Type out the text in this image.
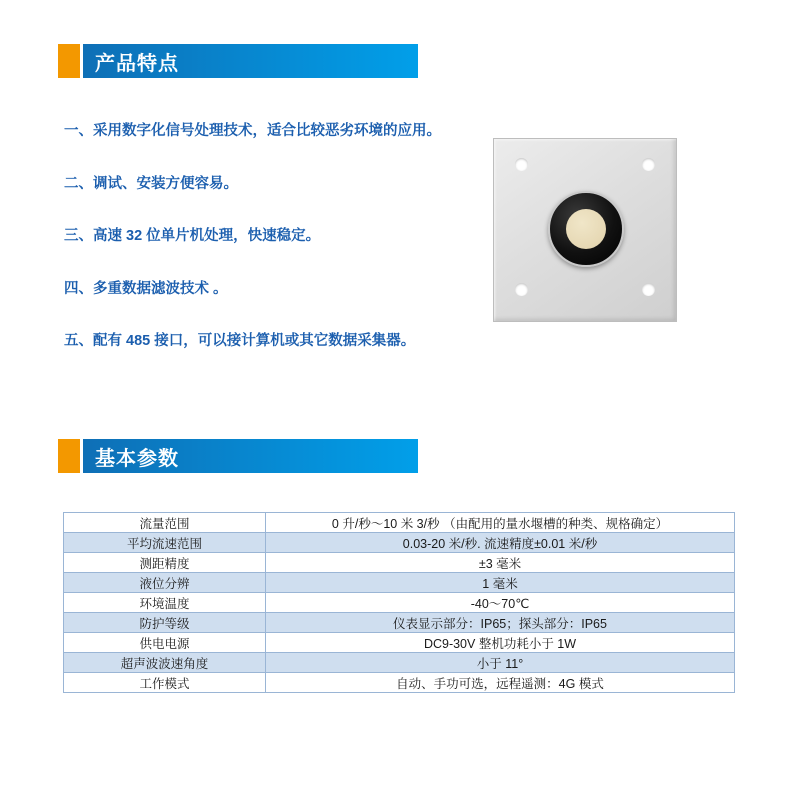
产品特点
一、采用数字化信号处理技术，适合比较恶劣环境的应用。
二、调试、安装方便容易。
三、高速 32 位单片机处理，快速稳定。
四、多重数据滤波技术 。
五、配有 485 接口，可以接计算机或其它数据采集器。
基本参数
流量范围	0 升/秒～10 米 3/秒 （由配用的量水堰槽的种类、规格确定）
平均流速范围	0.03-20 米/秒. 流速精度±0.01 米/秒
测距精度	±3 毫米
液位分辨	1 毫米
环境温度	-40～70℃
防护等级	仪表显示部分：IP65；探头部分：IP65
供电电源	DC9-30V 整机功耗小于 1W
超声波波速角度	小于 11°
工作模式	自动、手功可选，远程遥测：4G 模式
